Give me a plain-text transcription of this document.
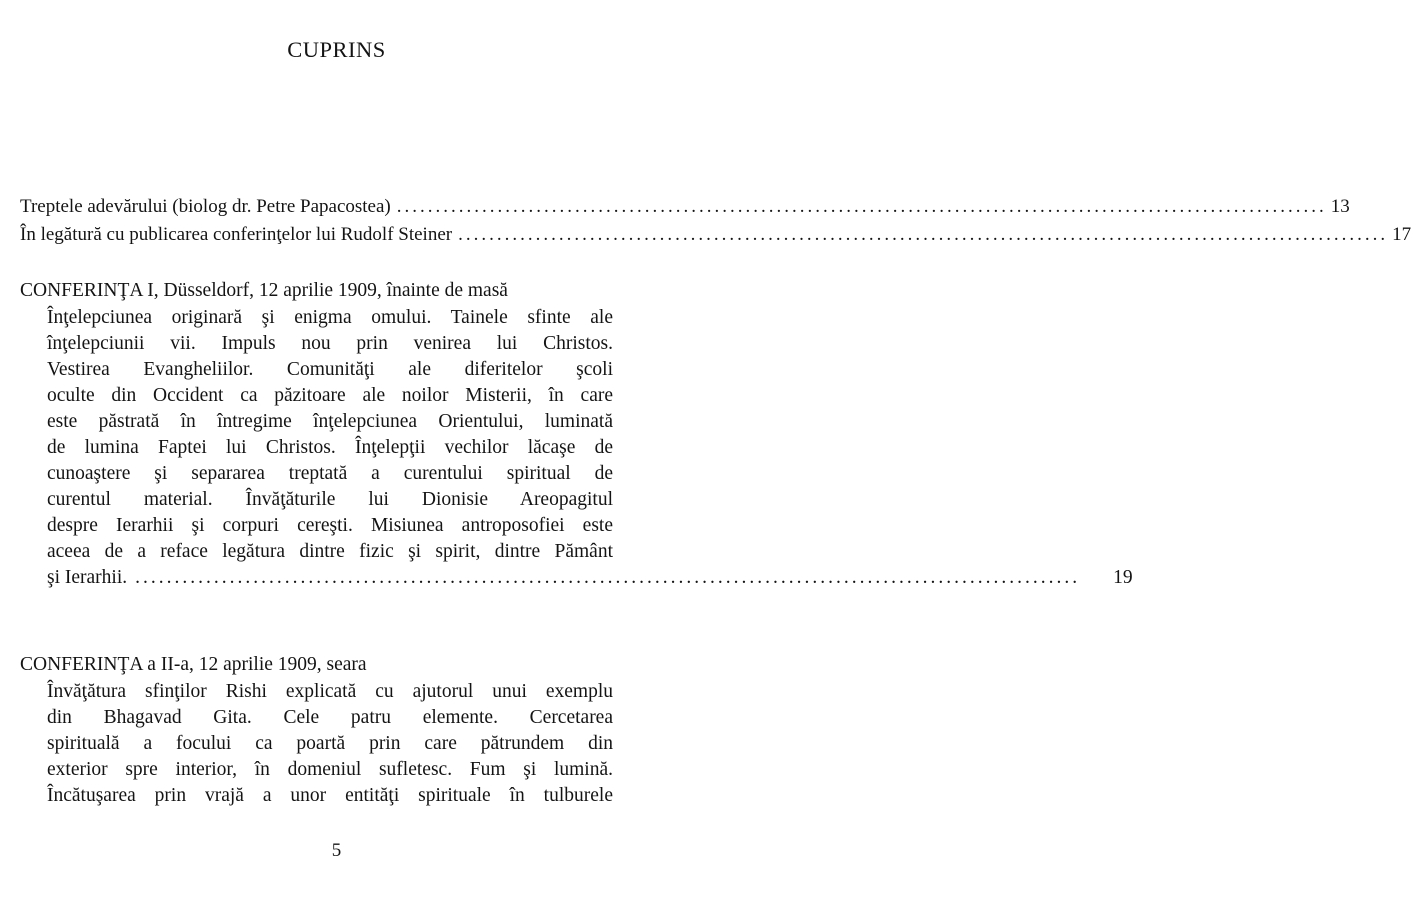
CUPRINS
Treptele adevărului (biolog dr. Petre Papacostea) ........................................................................................................................ 13
În legătură cu publicarea conferinţelor lui Rudolf Steiner ........................................................................................................................ 17
CONFERINŢA I, Düsseldorf, 12 aprilie 1909, înainte de masă
Înţelepciunea originară şi enigma omului. Tainele sfinte ale
înţelepciunii vii. Impuls nou prin venirea lui Christos.
Vestirea Evangheliilor. Comunităţi ale diferitelor şcoli
oculte din Occident ca păzitoare ale noilor Misterii, în care
este păstrată în întregime înţelepciunea Orientului, luminată
de lumina Faptei lui Christos. Înţelepţii vechilor lăcaşe de
cunoaştere şi separarea treptată a curentului spiritual de
curentul material. Învăţăturile lui Dionisie Areopagitul
despre Ierarhii şi corpuri cereşti. Misiunea antroposofiei este
aceea de a reface legătura dintre fizic şi spirit, dintre Pământ
şi Ierarhii. ........................................................................................................................ 19
CONFERINŢA a II-a, 12 aprilie 1909, seara
Învăţătura sfinţilor Rishi explicată cu ajutorul unui exemplu
din Bhagavad Gita. Cele patru elemente. Cercetarea
spirituală a focului ca poartă prin care pătrundem din
exterior spre interior, în domeniul sufletesc. Fum şi lumină.
Încătuşarea prin vrajă a unor entităţi spirituale în tulburele
5
